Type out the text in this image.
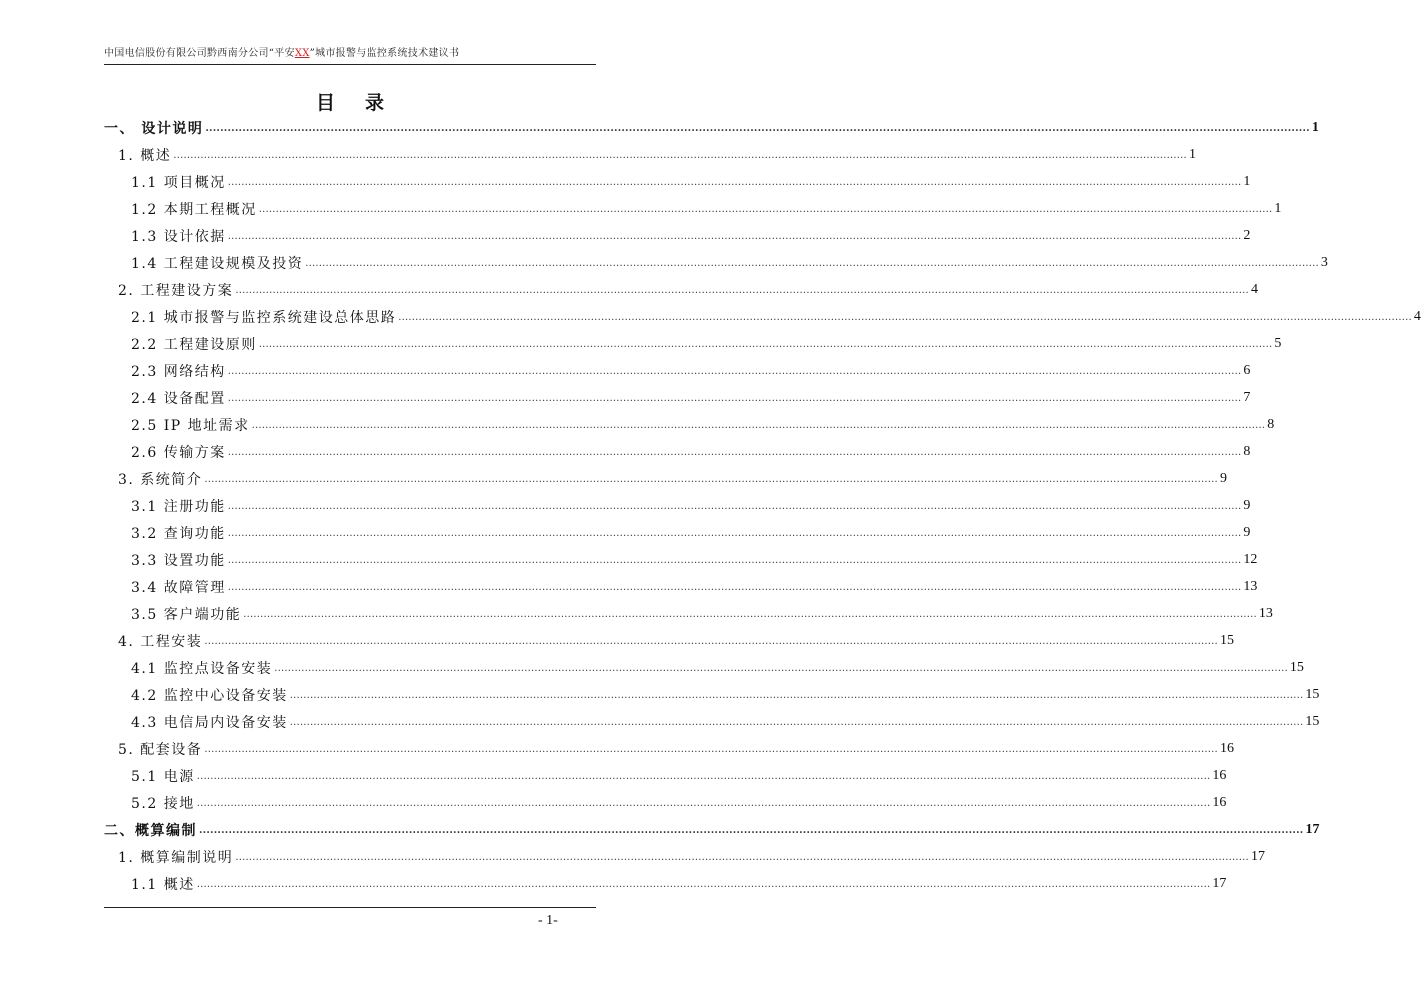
中国电信股份有限公司黔西南分公司“平安XX”城市报警与监控系统技术建议书
目录
一、 设计说明 ............................................................................................................................................................................................................................................................................................................ 1
1. 概述 ............................................................................................................................................................................................................................................................................................................ 1
1.1 项目概况 ............................................................................................................................................................................................................................................................................................................ 1
1.2 本期工程概况 ............................................................................................................................................................................................................................................................................................................ 1
1.3 设计依据 ............................................................................................................................................................................................................................................................................................................ 2
1.4 工程建设规模及投资 ............................................................................................................................................................................................................................................................................................................ 3
2. 工程建设方案 ............................................................................................................................................................................................................................................................................................................ 4
2.1 城市报警与监控系统建设总体思路 ............................................................................................................................................................................................................................................................................................................ 4
2.2 工程建设原则 ............................................................................................................................................................................................................................................................................................................ 5
2.3 网络结构 ............................................................................................................................................................................................................................................................................................................ 6
2.4 设备配置 ............................................................................................................................................................................................................................................................................................................ 7
2.5 IP 地址需求 ............................................................................................................................................................................................................................................................................................................ 8
2.6 传输方案 ............................................................................................................................................................................................................................................................................................................ 8
3. 系统简介 ............................................................................................................................................................................................................................................................................................................ 9
3.1 注册功能 ............................................................................................................................................................................................................................................................................................................ 9
3.2 查询功能 ............................................................................................................................................................................................................................................................................................................ 9
3.3 设置功能 ............................................................................................................................................................................................................................................................................................................ 12
3.4 故障管理 ............................................................................................................................................................................................................................................................................................................ 13
3.5 客户端功能 ............................................................................................................................................................................................................................................................................................................ 13
4. 工程安装 ............................................................................................................................................................................................................................................................................................................ 15
4.1 监控点设备安装 ............................................................................................................................................................................................................................................................................................................ 15
4.2 监控中心设备安装 ............................................................................................................................................................................................................................................................................................................ 15
4.3 电信局内设备安装 ............................................................................................................................................................................................................................................................................................................ 15
5. 配套设备 ............................................................................................................................................................................................................................................................................................................ 16
5.1 电源 ............................................................................................................................................................................................................................................................................................................ 16
5.2 接地 ............................................................................................................................................................................................................................................................................................................ 16
二、概算编制 ............................................................................................................................................................................................................................................................................................................ 17
1. 概算编制说明 ............................................................................................................................................................................................................................................................................................................ 17
1.1 概述 ............................................................................................................................................................................................................................................................................................................ 17
- 1-
